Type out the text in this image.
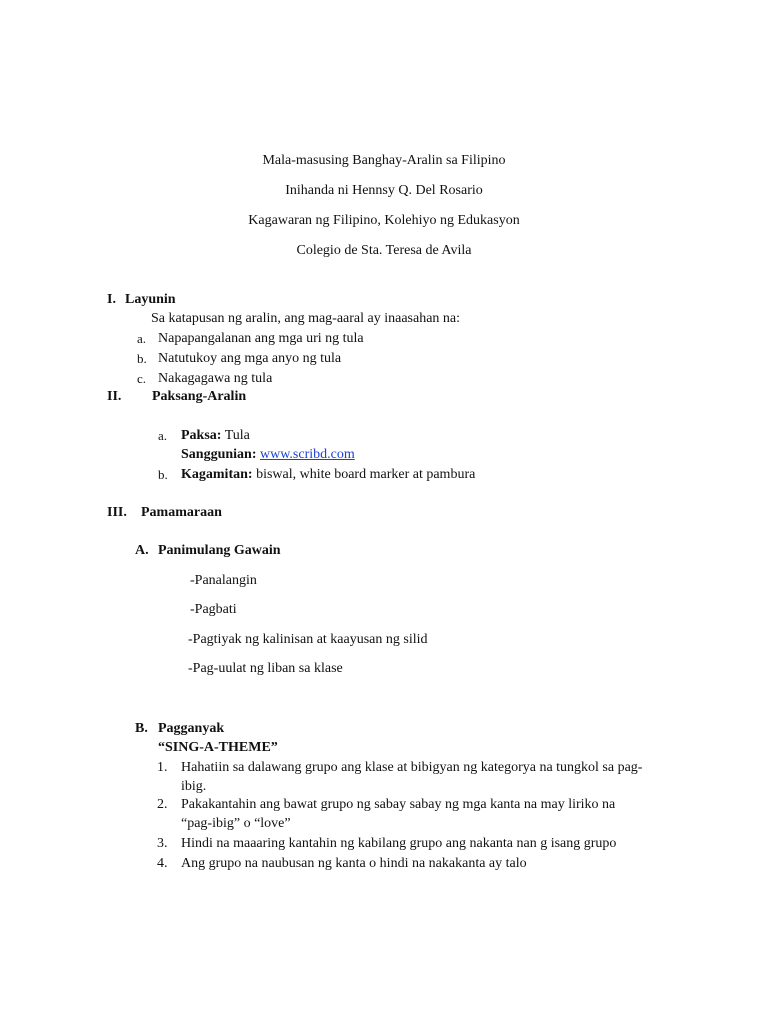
Mala-masusing Banghay-Aralin sa Filipino
Inihanda ni Hennsy Q. Del Rosario
Kagawaran ng Filipino, Kolehiyo ng Edukasyon
Colegio de Sta. Teresa de Avila
I. Layunin
Sa katapusan ng aralin, ang mag-aaral ay inaasahan na:
a. Napapangalanan ang mga uri ng tula
b. Natutukoy ang mga anyo ng tula
c. Nakagagawa ng tula
II. Paksang-Aralin
a. Paksa: Tula
Sanggunian: www.scribd.com
b. Kagamitan: biswal, white board marker at pambura
III. Pamamaraan
A. Panimulang Gawain
-Panalangin
-Pagbati
-Pagtiyak ng kalinisan at kaayusan ng silid
-Pag-uulat ng liban sa klase
B. Pagganyak
“SING-A-THEME”
1. Hahatiin sa dalawang grupo ang klase at bibigyan ng kategorya na tungkol sa pag-
ibig.
2. Pakakantahin ang bawat grupo ng sabay sabay ng mga kanta na may liriko na
“pag-ibig” o “love”
3. Hindi na maaaring kantahin ng kabilang grupo ang nakanta nan g isang grupo
4. Ang grupo na naubusan ng kanta o hindi na nakakanta ay talo
